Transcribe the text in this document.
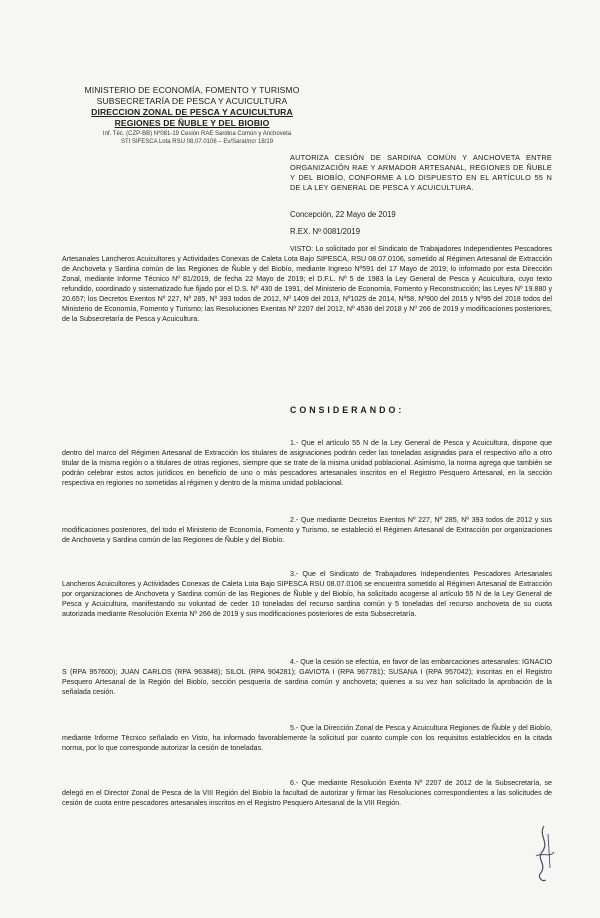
MINISTERIO DE ECONOMÍA, FOMENTO Y TURISMO
SUBSECRETARÍA DE PESCA Y ACUICULTURA
DIRECCION ZONAL DE PESCA Y ACUICULTURA
REGIONES DE ÑUBLE Y DEL BIOBIO
Inf. Téc. (CZP-BB) Nº081-19 Cesión RAE Sardina Común y Anchoveta
STI SIFESCA Lota RSU 08.07.0106 – Ev/Sarat/ncr 18/19
AUTORIZA CESIÓN DE SARDINA COMÚN Y ANCHOVETA ENTRE ORGANIZACIÓN RAE Y ARMADOR ARTESANAL, REGIONES DE ÑUBLE Y DEL BIOBÍO, CONFORME A LO DISPUESTO EN EL ARTÍCULO 55 N DE LA LEY GENERAL DE PESCA Y ACUICULTURA.
Concepción, 22 Mayo de 2019
R.EX. Nº 0081/2019
VISTO: Lo solicitado por el Sindicato de Trabajadores Independientes Pescadores Artesanales Lancheros Acuicultores y Actividades Conexas de Caleta Lota Bajo SIPESCA, RSU 08.07.0106, sometido al Régimen Artesanal de Extracción de Anchoveta y Sardina común de las Regiones de Ñuble y del Biobío, mediante Ingreso Nº591 del 17 Mayo de 2019; lo informado por esta Dirección Zonal, mediante Informe Técnico Nº 81/2019, de fecha 22 Mayo de 2019; el D.F.L. Nº 5 de 1983 la Ley General de Pesca y Acuicultura, cuyo texto refundido, coordinado y sistematizado fue fijado por el D.S. Nº 430 de 1991, del Ministerio de Economía, Fomento y Reconstrucción; las Leyes Nº 19.880 y 20.657; los Decretos Exentos Nº 227, Nº 285, Nº 393 todos de 2012, Nº 1409 del 2013, Nº1025 de 2014, Nº58, Nº900 del 2015 y Nº95 del 2018 todos del Ministerio de Economía, Fomento y Turismo; las Resoluciones Exentas Nº 2207 del 2012, Nº 4536 del 2018 y Nº 266 de 2019 y modificaciones posteriores, de la Subsecretaría de Pesca y Acuicultura.
CONSIDERANDO:
1.- Que el artículo 55 N de la Ley General de Pesca y Acuicultura, dispone que dentro del marco del Régimen Artesanal de Extracción los titulares de asignaciones podrán ceder las toneladas asignadas para el respectivo año a otro titular de la misma región o a titulares de otras regiones, siempre que se trate de la misma unidad poblacional. Asimismo, la norma agrega que también se podrán celebrar estos actos jurídicos en beneficio de uno o más pescadores artesanales inscritos en el Registro Pesquero Artesanal, en la sección respectiva en regiones no sometidas al régimen y dentro de la misma unidad poblacional.
2.- Que mediante Decretos Exentos Nº 227, Nº 285, Nº 393 todos de 2012 y sus modificaciones posteriores, del todo el Ministerio de Economía, Fomento y Turismo, se estableció el Régimen Artesanal de Extracción por organizaciones de Anchoveta y Sardina común de las Regiones de Ñuble y del Biobío.
3.- Que el Sindicato de Trabajadores Independientes Pescadores Artesanales Lancheros Acuicultores y Actividades Conexas de Caleta Lota Bajo SIPESCA RSU 08.07.0106 se encuentra sometido al Régimen Artesanal de Extracción por organizaciones de Anchoveta y Sardina común de las Regiones de Ñuble y del Biobío, ha solicitado acogerse al artículo 55 N de la Ley General de Pesca y Acuicultura, manifestando su voluntad de ceder 10 toneladas del recurso sardina común y 5 toneladas del recurso anchoveta de su cuota autorizada mediante Resolución Exenta Nº 266 de 2019 y sus modificaciones posteriores de esta Subsecretaría.
4.- Que la cesión se efectúa, en favor de las embarcaciones artesanales: IGNACIO S (RPA 957600); JUAN CARLOS (RPA 963848); SILOL (RPA 904281); GAVIOTA I (RPA 967781); SUSANA I (RPA 957042); inscritas en el Registro Pesquero Artesanal de la Región del Biobío, sección pesquería de sardina común y anchoveta; quienes a su vez han solicitado la aprobación de la señalada cesión.
5.- Que la Dirección Zonal de Pesca y Acuicultura Regiones de Ñuble y del Biobío, mediante Informe Técnico señalado en Visto, ha informado favorablemente la solicitud por cuanto cumple con los requisitos establecidos en la citada norma, por lo que corresponde autorizar la cesión de toneladas.
6.- Que mediante Resolución Exenta Nº 2207 de 2012 de la Subsecretaría, se delegó en el Director Zonal de Pesca de la VIII Región del Biobío la facultad de autorizar y firmar las Resoluciones correspondientes a las solicitudes de cesión de cuota entre pescadores artesanales inscritos en el Registro Pesquero Artesanal de la VIII Región.
